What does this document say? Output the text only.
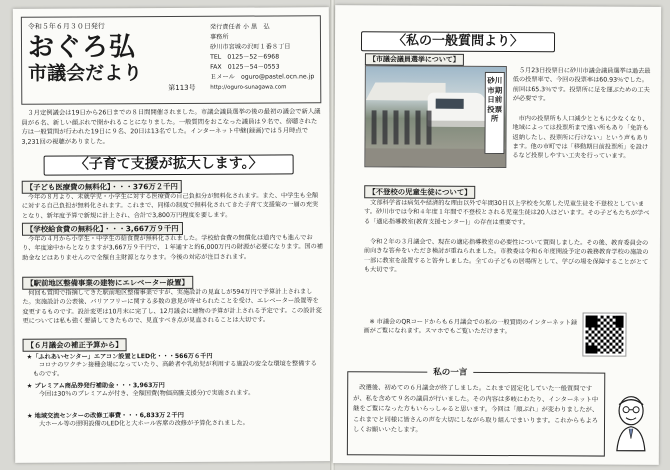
令和５年６月３０日発行
おぐろ弘
市議会だより
第113号
発行責任者 小 黒　弘
事務所
砂川市宮城の沢町１番８丁目
TEL　0125－52－6968
FAX　0125－54－0553
Ｅメール　oguro@pastel.ocn.ne.jp
http://oguro-sunagawa.com
３月定例議会は19日から26日までの８日間開催されました。市議会議員選挙の後の最初の議会で新人議員が６名、新しい顔ぶれで開かれることになりました。一般質問をおこなった議員は９名で、傍聴された方は一般質問が行われた19日に９名、20日は13名でした。インターネット中継(録画)では５月時点で3,231回の視聴がありました。
〈子育て支援が拡大します。〉
【子ども医療費の無料化】・・・376万２千円
今年の８月より、未就学児・小学生に対する医療費の自己負担分が無料化されます。また、中学生も全額に対する自己負担が無料化されます。これまで、同様の制度で無料化されてきた子育て支援策の一層の充実となり、新年度予算で新規に計上され、合計で3,800万円程度を要します。
【学校給食費の無料化】・・・3,667万９千円
今年の４月から小学生・中学生の給食費が無料化されました。学校給食費の無償化は道内でも進んでおり、年度途中からとなりますが3,667万９千円で、１年通すと約6,000万円の財源が必要になります。国の補助金などはありませんので全額自主財源となります。今後の対応が注目されます。
【駅前地区整備事業の建物にエレベーター設置】
何回も質問で指摘してきた駅前地区整備事業ですが、実施設計の見直しが594万円で予算計上されました。実施設計の公表後、バリアフリーに関する多数の意見が寄せられたことを受け、エレベーター設置等を変更するものです。設計変更は10月末に完了し、12月議会に建物の予算が計上される予定です。この設計変更については私も強く要請してきたもので、見直すべき点が見直されることは大切です。
【６月議会の補正予算から】
★「ふれあいセンター」エアコン設置とLED化・・・566万６千円
コロナのワクチン接種会場になっていたり、高齢者や乳幼児が利用する施設の安全な環境を整備するものです。
★ プレミアム商品券発行補助金・・・3,963万円
今回は30％のプレミアムが付き、全額国費(物価高騰支援分)で実施されます。
★ 地域交流センターの改修工事費・・・6,833万２千円
大ホール等の照明設備のLED化と大ホール客席の改修が予算化されました。
〈私の一般質問より〉
【市議会議員選挙について】
砂川市期日前投票所
５月23日投票日に砂川市議会議員選挙は過去最低の投票率で、今回の投票率は60.93％でした。前回は65.3％です。投票所に足を運ぶための工夫が必要です。
市内の投票所も人口減少とともに少なくなり、地域によっては投票所まで遠い所もあり「免許も返納したし、投票所に行けない」という声もあります。他の市町では「移動期日前投票所」を設けるなど投票しやすい工夫を行っています。
【不登校の児童生徒について】
文部科学省は病気や経済的な理由以外で年間30日以上学校を欠席した児童生徒を不登校としています。砂川市では令和４年度１年間で不登校とされる児童生徒は20人ほどいます。その子どもたちが学べる「適応指導教室(教育支援センター)」の存在は重要です。
令和２年の３月議会で、現在の適応指導教室の必要性について質問しました。その後、教育委員会の前向きな答弁をいただき検討が重ねられました。市教委は令和６年度開設予定の義務教育学校の施設の一部に教室を設置すると答弁しました。全ての子どもの居場所として、学びの場を保障することがとても大切です。
※ 市議会のQRコードからも６月議会での私の一般質問のインターネット録画がご覧になれます。スマホでもご覧いただけます。
私の一言
改選後、初めての６月議会が終了しました。これまで固定化していた一般質問ですが、私を含めて９名の議員が行いました。その内容は多岐にわたり、インターネット中継をご覧になった方もいらっしゃると思います。今回は「顔ぶれ」が変わりましたが、これまでと同様に皆さんの声を大切にしながら取り組んでまいります。これからもよろしくお願いいたします。
